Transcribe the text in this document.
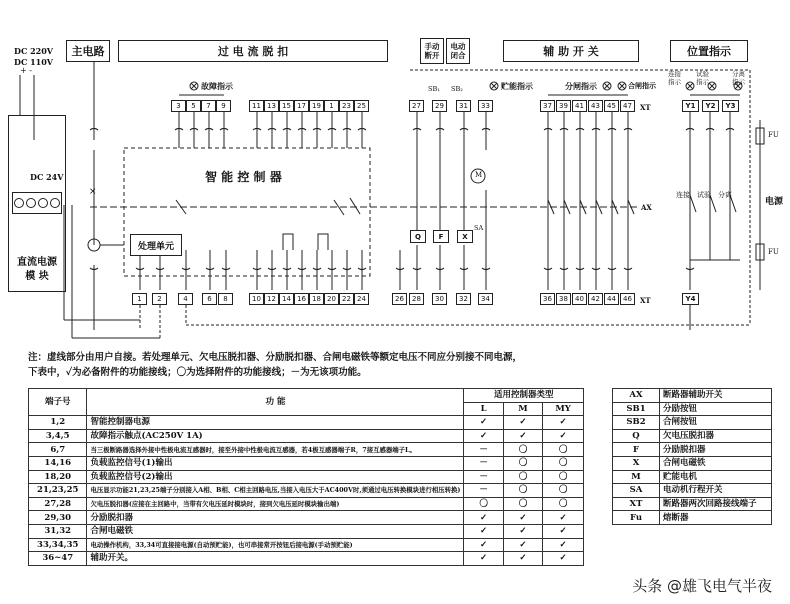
DC 220V
DC 110V
+ -
DC 24V
直流电源
模 块
主电路	过 电 流 脱 扣	手动
断开
电动
闭合	辅 助 开 关	位置指示
故障指示	贮能指示	分闸指示	合闸指示
连接
指示
试验
指示
分离
指示
SB₁ SB₂
3	5	7	9	11 13 15 17 19	1	23 25	27	29	31	33	37	39	41	43	45	47	XT	Y1	Y2	Y3
智 能 控 制 器
处理单元
×
Q	F	X
M
SA
AX
电源
FU
FU
连接 试验 分离
1	2	4	6	8	10 12 14 16 18 20 22 24	26	28	30	32	34	36	38	40	42	44	46	XT	Y4
注：虚线部分由用户自接。若处理单元、欠电压脱扣器、分励脱扣器、合闸电磁铁等额定电压不同应分别接不同电源，
下表中，✓为必备附件的功能接线；〇为选择附件的功能接线；－为无该项功能。
端子号	功 能	适用控制器类型		
		L	M	MY
1,2	智能控制器电源	✓	✓	✓
3,4,5	故障指示触点(AC250V 1A)	✓	✓	✓
6,7	当三极断路器选择外接中性极电流互感器时，接至外接中性极电流互感器，若4极互感器端子R，7接互感器端子L。	－	〇	〇
14,16	负载监控信号(1)输出	－	〇	〇
18,20	负载监控信号(2)输出	－	〇	〇
21,23,25	电压显示功能21,23,25端子分别接入A相、B相、C相主回路电压,当接入电压大于AC400V时,须通过电压转换模块进行相压转换)	－	〇	〇
27,28	欠电压脱扣器(应接在主回路中，当带有欠电压延时模块时，接到欠电压延时模块输出端)	〇	〇	〇
29,30	分励脱扣器	✓	✓	✓
31,32	合闸电磁铁	✓	✓	✓
33,34,35	电动操作机构，33,34可直接接电源(自动预贮能)，也可串接常开按钮后接电源(手动预贮能)	✓	✓	✓
36~47	辅助开关。	✓	✓	✓
AX	断路器辅助开关
SB1	分励按钮
SB2	合闸按钮
Q	欠电压脱扣器
F	分励脱扣器
X	合闸电磁铁
M	贮能电机
SA	电动机行程开关
XT	断路器两次回路接线端子
Fu	熔断器
头条 @雄飞电气半夜
